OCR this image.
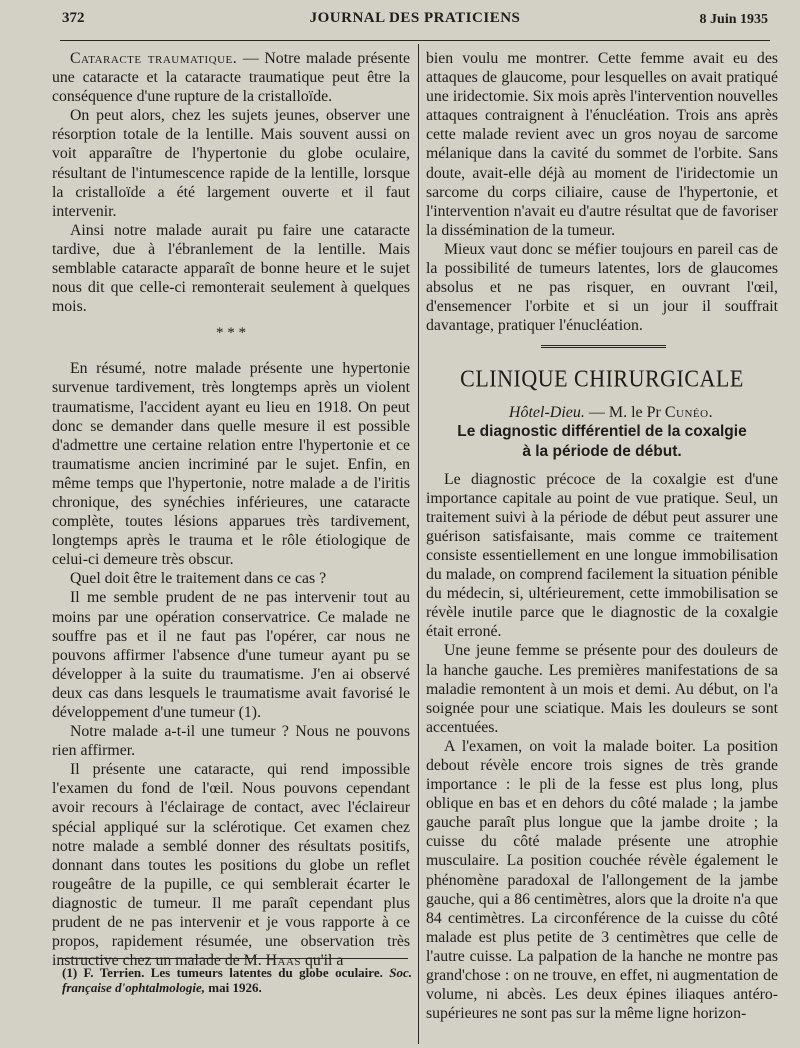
372	JOURNAL DES PRATICIENS	8 Juin 1935

Cataracte traumatique. — Notre malade présente une cataracte et la cataracte traumatique peut être la conséquence d'une rupture de la cristalloïde.

On peut alors, chez les sujets jeunes, observer une résorption totale de la lentille. Mais souvent aussi on voit apparaître de l'hypertonie du globe oculaire, résultant de l'intumescence rapide de la lentille, lorsque la cristalloïde a été largement ouverte et il faut intervenir.

Ainsi notre malade aurait pu faire une cataracte tardive, due à l'ébranlement de la lentille. Mais semblable cataracte apparaît de bonne heure et le sujet nous dit que celle-ci remonterait seulement à quelques mois.

* * *

En résumé, notre malade présente une hypertonie survenue tardivement, très longtemps après un violent traumatisme, l'accident ayant eu lieu en 1918. On peut donc se demander dans quelle mesure il est possible d'admettre une certaine relation entre l'hypertonie et ce traumatisme ancien incriminé par le sujet. Enfin, en même temps que l'hypertonie, notre malade a de l'iritis chronique, des synéchies inférieures, une cataracte complète, toutes lésions apparues très tardivement, longtemps après le trauma et le rôle étiologique de celui-ci demeure très obscur.

Quel doit être le traitement dans ce cas ?

Il me semble prudent de ne pas intervenir tout au moins par une opération conservatrice. Ce malade ne souffre pas et il ne faut pas l'opérer, car nous ne pouvons affirmer l'absence d'une tumeur ayant pu se développer à la suite du traumatisme. J'en ai observé deux cas dans lesquels le traumatisme avait favorisé le développement d'une tumeur (1).

Notre malade a-t-il une tumeur ? Nous ne pouvons rien affirmer.

Il présente une cataracte, qui rend impossible l'examen du fond de l'œil. Nous pouvons cependant avoir recours à l'éclairage de contact, avec l'éclaireur spécial appliqué sur la sclérotique. Cet examen chez notre malade a semblé donner des résultats positifs, donnant dans toutes les positions du globe un reflet rougeâtre de la pupille, ce qui semblerait écarter le diagnostic de tumeur. Il me paraît cependant plus prudent de ne pas intervenir et je vous rapporte à ce propos, rapidement résumée, une observation très instructive chez un malade de M. Haas qu'il a

(1) F. Terrien. Les tumeurs latentes du globe oculaire. Soc. française d'ophtalmologie, mai 1926.

bien voulu me montrer. Cette femme avait eu des attaques de glaucome, pour lesquelles on avait pratiqué une iridectomie. Six mois après l'intervention nouvelles attaques contraignent à l'énucléation. Trois ans après cette malade revient avec un gros noyau de sarcome mélanique dans la cavité du sommet de l'orbite. Sans doute, avait-elle déjà au moment de l'iridectomie un sarcome du corps ciliaire, cause de l'hypertonie, et l'intervention n'avait eu d'autre résultat que de favoriser la dissémination de la tumeur.

Mieux vaut donc se méfier toujours en pareil cas de la possibilité de tumeurs latentes, lors de glaucomes absolus et ne pas risquer, en ouvrant l'œil, d'ensemencer l'orbite et si un jour il souffrait davantage, pratiquer l'énucléation.

CLINIQUE CHIRURGICALE

Hôtel-Dieu. — M. le Pr Cunéo.

Le diagnostic différentiel de la coxalgie
à la période de début.

Le diagnostic précoce de la coxalgie est d'une importance capitale au point de vue pratique. Seul, un traitement suivi à la période de début peut assurer une guérison satisfaisante, mais comme ce traitement consiste essentiellement en une longue immobilisation du malade, on comprend facilement la situation pénible du médecin, si, ultérieurement, cette immobilisation se révèle inutile parce que le diagnostic de la coxalgie était erroné.

Une jeune femme se présente pour des douleurs de la hanche gauche. Les premières manifestations de sa maladie remontent à un mois et demi. Au début, on l'a soignée pour une sciatique. Mais les douleurs se sont accentuées.

A l'examen, on voit la malade boiter. La position debout révèle encore trois signes de très grande importance : le pli de la fesse est plus long, plus oblique en bas et en dehors du côté malade ; la jambe gauche paraît plus longue que la jambe droite ; la cuisse du côté malade présente une atrophie musculaire. La position couchée révèle également le phénomène paradoxal de l'allongement de la jambe gauche, qui a 86 centimètres, alors que la droite n'a que 84 centimètres. La circonférence de la cuisse du côté malade est plus petite de 3 centimètres que celle de l'autre cuisse. La palpation de la hanche ne montre pas grand'chose : on ne trouve, en effet, ni augmentation de volume, ni abcès. Les deux épines iliaques antéro-supérieures ne sont pas sur la même ligne horizon-
